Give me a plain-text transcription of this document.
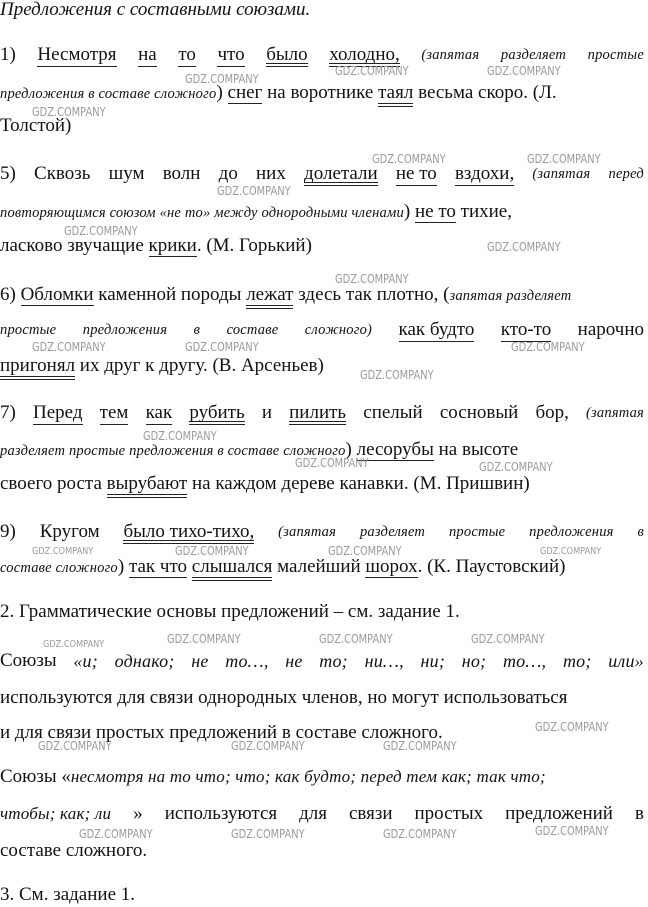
Предложения с составными союзами.
1) Несмотря на то что было холодно, (запятая разделяет простые
предложения в составе сложного) снег на воротнике таял весьма скоро. (Л.
Толстой)
5) Сквозь шум волн до них долетали не то вздохи, (запятая перед
повторяющимся союзом «не то» между однородными членами) не то тихие,
ласково звучащие крики. (М. Горький)
6) Обломки каменной породы лежат здесь так плотно, (запятая разделяет
простые предложения в составе сложного) как будто кто-то нарочно
пригонял их друг к другу. (В. Арсеньев)
7) Перед тем как рубить и пилить спелый сосновый бор, (запятая
разделяет простые предложения в составе сложного) лесорубы на высоте
своего роста вырубают на каждом дереве канавки. (М. Пришвин)
9) Кругом было тихо-тихо, (запятая разделяет простые предложения в
составе сложного) так что слышался малейший шорох. (К. Паустовский)
2. Грамматические основы предложений – см. задание 1.
Союзы «и; однако; не то…, не то; ни…, ни; но; то…, то; или»
используются для связи однородных членов, но могут использоваться
и для связи простых предложений в составе сложного.
Союзы «несмотря на то что; что; как будто; перед тем как; так что;
чтобы; как; ли » используются для связи простых предложений в
составе сложного.
3. См. задание 1.
GDZ.COMPANY
GDZ.COMPANY	GDZ.COMPANY
GDZ.COMPANY
GDZ.COMPANY	GDZ.COMPANY
GDZ.COMPANY
GDZ.COMPANY
GDZ.COMPANY
GDZ.COMPANY
GDZ.COMPANY	GDZ.COMPANY	GDZ.COMPANY
GDZ.COMPANY
GDZ.COMPANY
GDZ.COMPANY	GDZ.COMPANY
GDZ.COMPANY	GDZ.COMPANY	GDZ.COMPANY	GDZ.COMPANY
GDZ.COMPANY	GDZ.COMPANY	GDZ.COMPANY	GDZ.COMPANY
GDZ.COMPANY
GDZ.COMPANY	GDZ.COMPANY	GDZ.COMPANY
GDZ.COMPANY	GDZ.COMPANY	GDZ.COMPANY	GDZ.COMPANY
